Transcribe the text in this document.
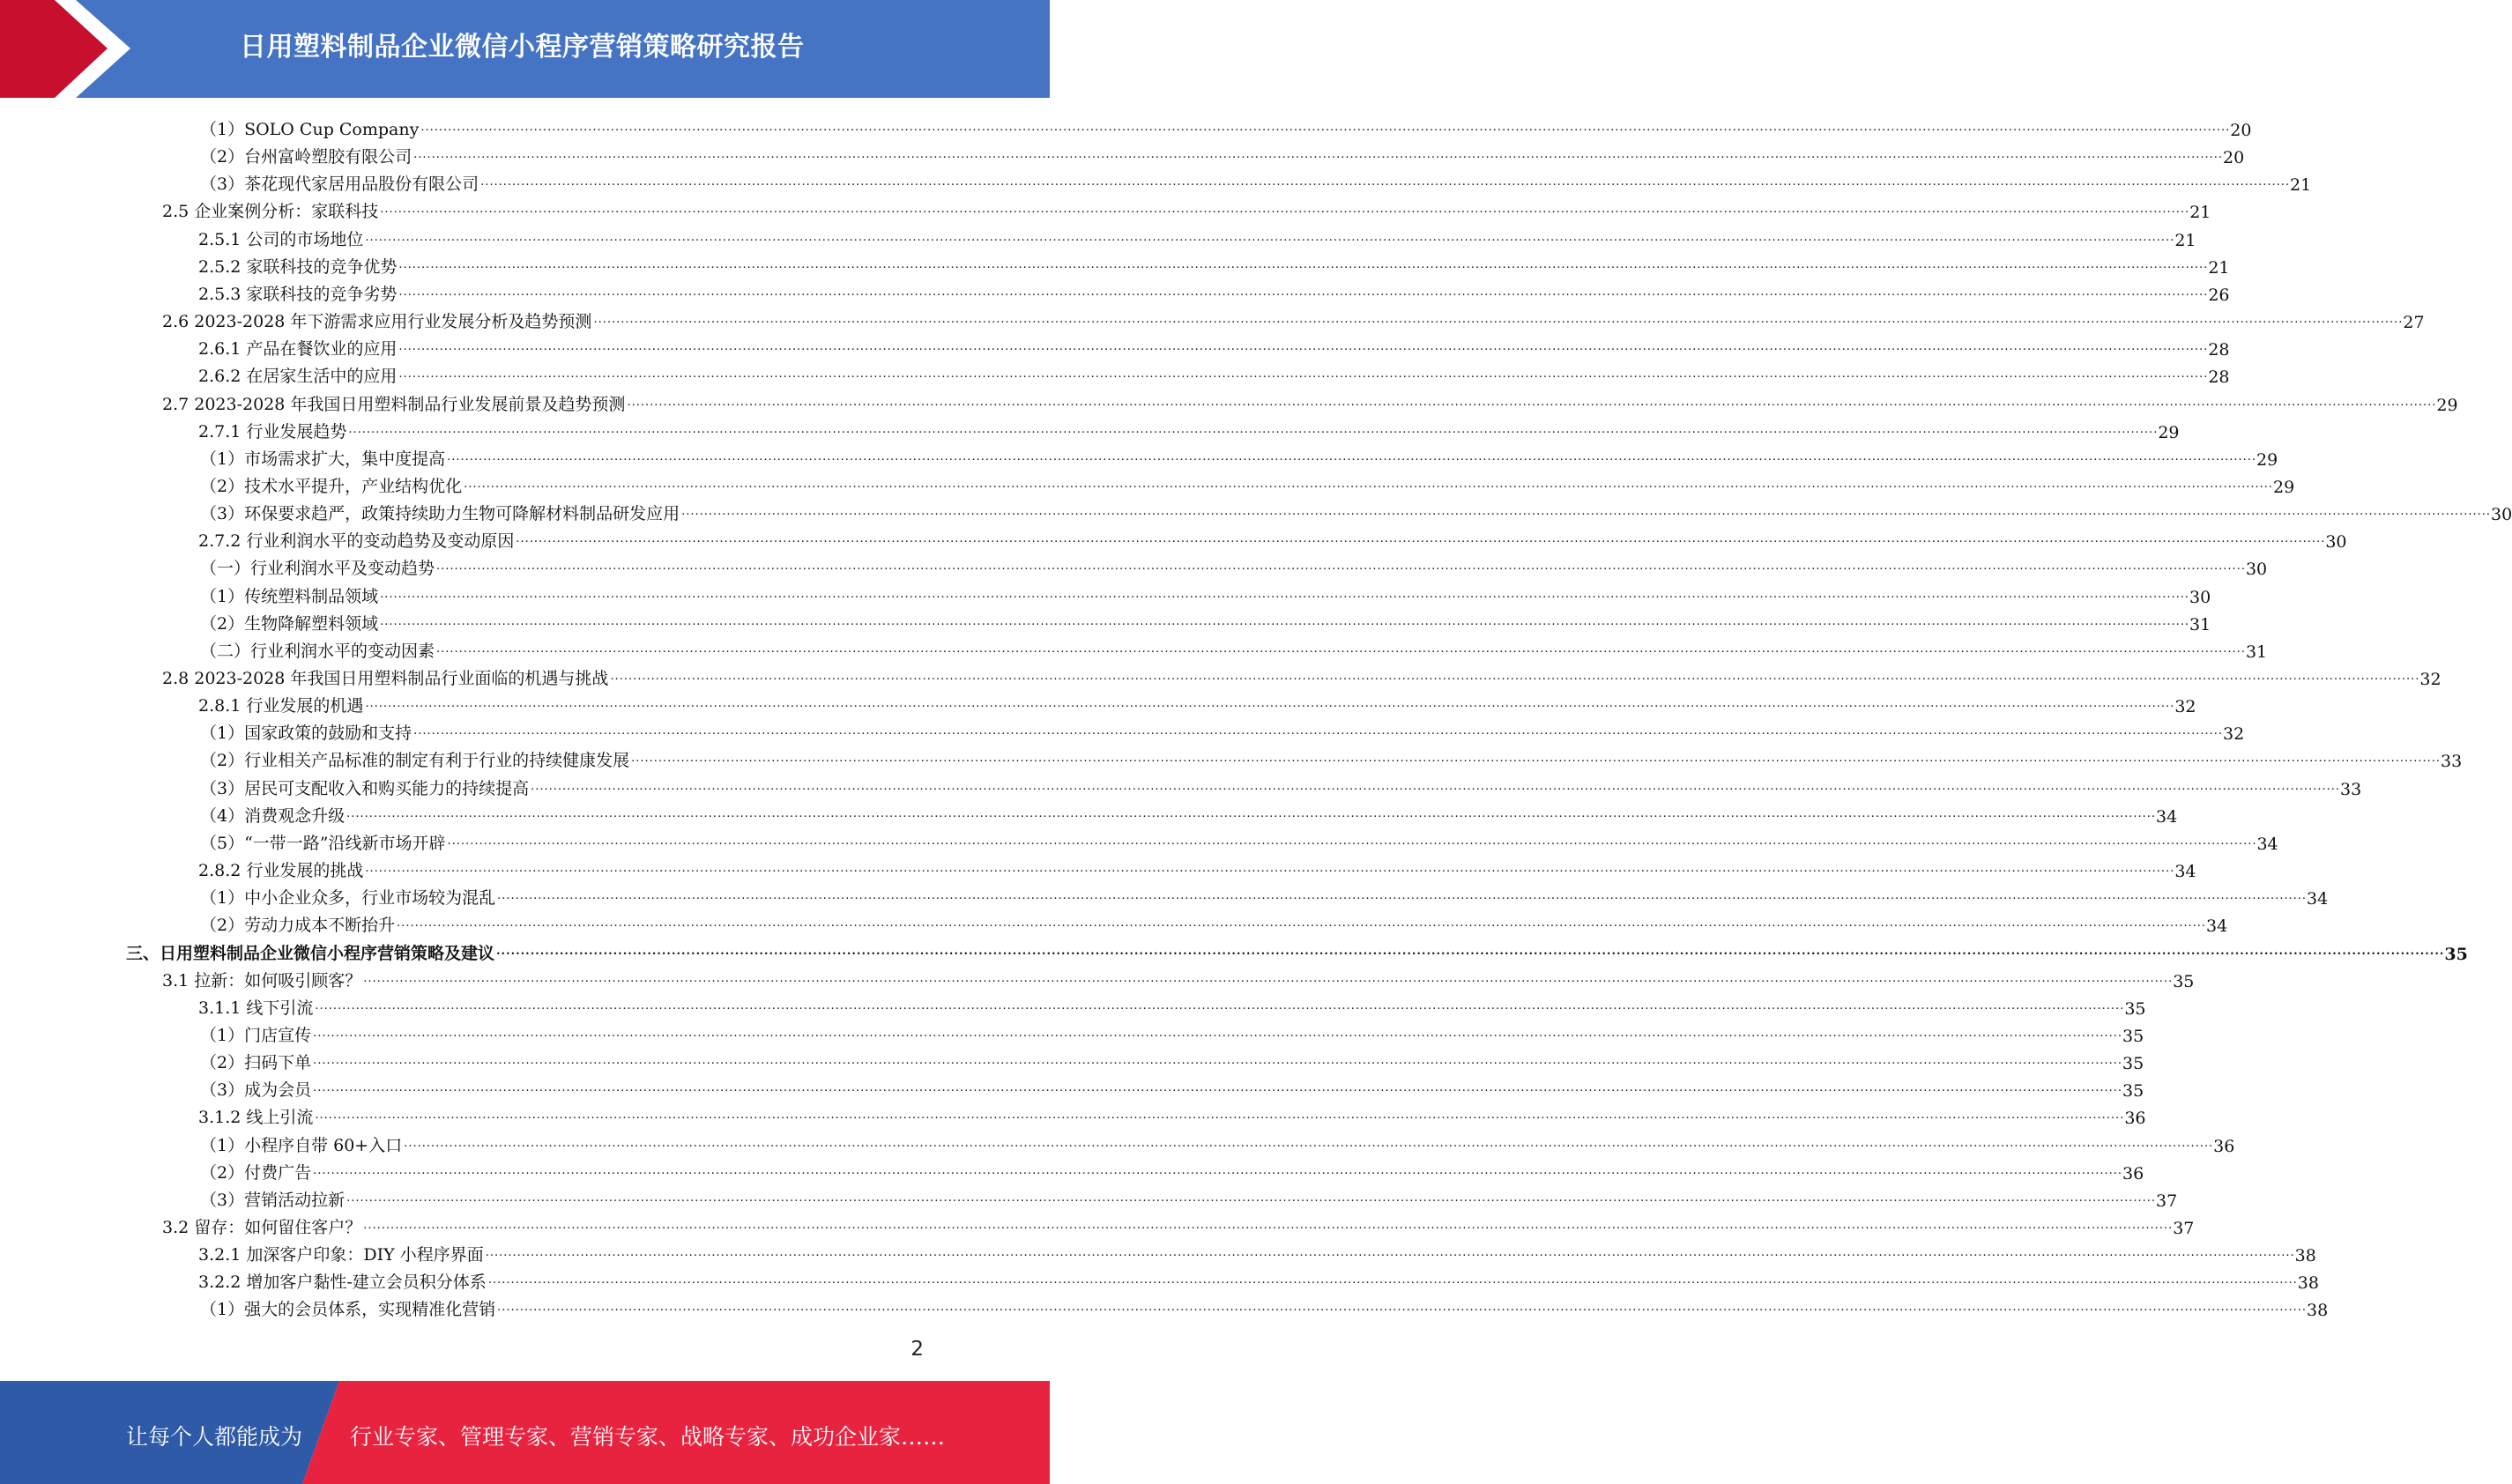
日用塑料制品企业微信小程序营销策略研究报告
（1）SOLO Cup Company ................................................................................................................................................................................................................................................................................................................................................................................................................ 20
（2）台州富岭塑胶有限公司 ................................................................................................................................................................................................................................................................................................................................................................................................................ 20
（3）茶花现代家居用品股份有限公司 ................................................................................................................................................................................................................................................................................................................................................................................................................ 21
2.5 企业案例分析：家联科技 ................................................................................................................................................................................................................................................................................................................................................................................................................ 21
2.5.1 公司的市场地位 ................................................................................................................................................................................................................................................................................................................................................................................................................ 21
2.5.2 家联科技的竞争优势 ................................................................................................................................................................................................................................................................................................................................................................................................................ 21
2.5.3 家联科技的竞争劣势 ................................................................................................................................................................................................................................................................................................................................................................................................................ 26
2.6 2023-2028 年下游需求应用行业发展分析及趋势预测 ................................................................................................................................................................................................................................................................................................................................................................................................................ 27
2.6.1 产品在餐饮业的应用 ................................................................................................................................................................................................................................................................................................................................................................................................................ 28
2.6.2 在居家生活中的应用 ................................................................................................................................................................................................................................................................................................................................................................................................................ 28
2.7 2023-2028 年我国日用塑料制品行业发展前景及趋势预测 ................................................................................................................................................................................................................................................................................................................................................................................................................ 29
2.7.1 行业发展趋势 ................................................................................................................................................................................................................................................................................................................................................................................................................ 29
（1）市场需求扩大，集中度提高 ................................................................................................................................................................................................................................................................................................................................................................................................................ 29
（2）技术水平提升，产业结构优化 ................................................................................................................................................................................................................................................................................................................................................................................................................ 29
（3）环保要求趋严，政策持续助力生物可降解材料制品研发应用 ................................................................................................................................................................................................................................................................................................................................................................................................................ 30
2.7.2 行业利润水平的变动趋势及变动原因 ................................................................................................................................................................................................................................................................................................................................................................................................................ 30
（一）行业利润水平及变动趋势 ................................................................................................................................................................................................................................................................................................................................................................................................................ 30
（1）传统塑料制品领域 ................................................................................................................................................................................................................................................................................................................................................................................................................ 30
（2）生物降解塑料领域 ................................................................................................................................................................................................................................................................................................................................................................................................................ 31
（二）行业利润水平的变动因素 ................................................................................................................................................................................................................................................................................................................................................................................................................ 31
2.8 2023-2028 年我国日用塑料制品行业面临的机遇与挑战 ................................................................................................................................................................................................................................................................................................................................................................................................................ 32
2.8.1 行业发展的机遇 ................................................................................................................................................................................................................................................................................................................................................................................................................ 32
（1）国家政策的鼓励和支持 ................................................................................................................................................................................................................................................................................................................................................................................................................ 32
（2）行业相关产品标准的制定有利于行业的持续健康发展 ................................................................................................................................................................................................................................................................................................................................................................................................................ 33
（3）居民可支配收入和购买能力的持续提高 ................................................................................................................................................................................................................................................................................................................................................................................................................ 33
（4）消费观念升级 ................................................................................................................................................................................................................................................................................................................................................................................................................ 34
（5）“一带一路”沿线新市场开辟 ................................................................................................................................................................................................................................................................................................................................................................................................................ 34
2.8.2 行业发展的挑战 ................................................................................................................................................................................................................................................................................................................................................................................................................ 34
（1）中小企业众多，行业市场较为混乱 ................................................................................................................................................................................................................................................................................................................................................................................................................ 34
（2）劳动力成本不断抬升 ................................................................................................................................................................................................................................................................................................................................................................................................................ 34
三、日用塑料制品企业微信小程序营销策略及建议 ................................................................................................................................................................................................................................................................................................................................................................................................................ 35
3.1 拉新：如何吸引顾客？ ................................................................................................................................................................................................................................................................................................................................................................................................................ 35
3.1.1 线下引流 ................................................................................................................................................................................................................................................................................................................................................................................................................ 35
（1）门店宣传 ................................................................................................................................................................................................................................................................................................................................................................................................................ 35
（2）扫码下单 ................................................................................................................................................................................................................................................................................................................................................................................................................ 35
（3）成为会员 ................................................................................................................................................................................................................................................................................................................................................................................................................ 35
3.1.2 线上引流 ................................................................................................................................................................................................................................................................................................................................................................................................................ 36
（1）小程序自带 60+入口 ................................................................................................................................................................................................................................................................................................................................................................................................................ 36
（2）付费广告 ................................................................................................................................................................................................................................................................................................................................................................................................................ 36
（3）营销活动拉新 ................................................................................................................................................................................................................................................................................................................................................................................................................ 37
3.2 留存：如何留住客户？ ................................................................................................................................................................................................................................................................................................................................................................................................................ 37
3.2.1 加深客户印象：DIY 小程序界面 ................................................................................................................................................................................................................................................................................................................................................................................................................ 38
3.2.2 增加客户黏性-建立会员积分体系 ................................................................................................................................................................................................................................................................................................................................................................................................................ 38
（1）强大的会员体系，实现精准化营销 ................................................................................................................................................................................................................................................................................................................................................................................................................ 38
2
让每个人都能成为 行业专家、管理专家、营销专家、战略专家、成功企业家……
